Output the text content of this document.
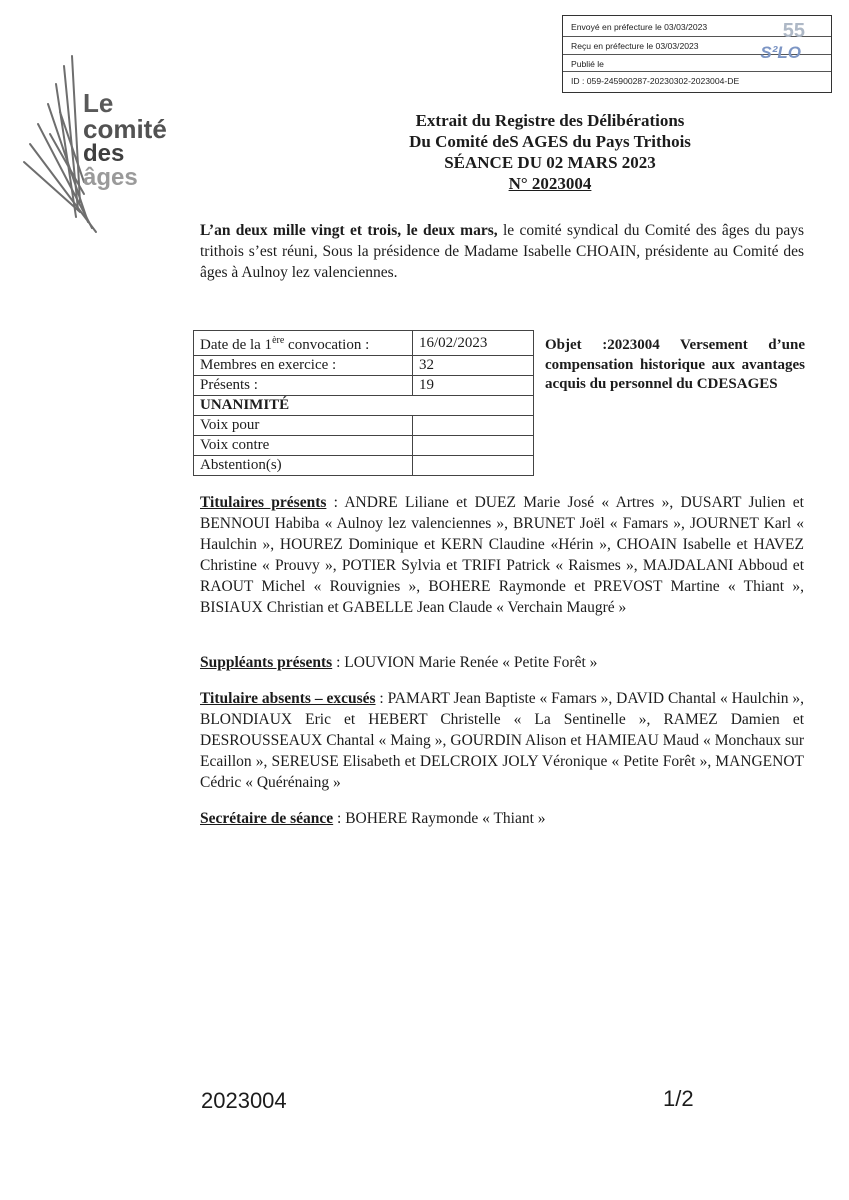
Envoyé en préfecture le 03/03/2023
Reçu en préfecture le 03/03/2023
Publié le
ID : 059-245900287-20230302-2023004-DE
55
S²LO
Le
comité
des
âges
Extrait du Registre des Délibérations
Du Comité deS AGES du Pays Trithois
SÉANCE DU 02 MARS 2023
N° 2023004

L’an deux mille vingt et trois, le deux mars, le comité syndical du Comité des âges du pays trithois s’est réuni, Sous la présidence de Madame Isabelle CHOAIN, présidente au Comité des âges à Aulnoy lez valenciennes.

Date de la 1ère convocation :	16/02/2023
Membres en exercice :	32
Présents :	19
UNANIMITÉ	
Voix pour	
Voix contre	
Abstention(s)	
Objet :2023004 Versement d’une compensation historique aux avantages acquis du personnel du CDESAGES

Titulaires présents : ANDRE Liliane et DUEZ Marie José « Artres », DUSART Julien et BENNOUI Habiba « Aulnoy lez valenciennes », BRUNET Joël « Famars », JOURNET Karl « Haulchin », HOUREZ Dominique et KERN Claudine «Hérin », CHOAIN Isabelle et HAVEZ Christine « Prouvy », POTIER Sylvia et TRIFI Patrick « Raismes », MAJDALANI Abboud et RAOUT Michel « Rouvignies », BOHERE Raymonde et PREVOST Martine « Thiant », BISIAUX Christian et GABELLE Jean Claude « Verchain Maugré »

Suppléants présents : LOUVION Marie Renée « Petite Forêt »

Titulaire absents – excusés : PAMART Jean Baptiste « Famars », DAVID Chantal « Haulchin », BLONDIAUX Eric et HEBERT Christelle « La Sentinelle », RAMEZ Damien et DESROUSSEAUX Chantal « Maing », GOURDIN Alison et HAMIEAU Maud « Monchaux sur Ecaillon », SEREUSE Elisabeth et DELCROIX JOLY Véronique « Petite Forêt », MANGENOT Cédric « Quérénaing »

Secrétaire de séance : BOHERE Raymonde « Thiant »

2023004	1/2
